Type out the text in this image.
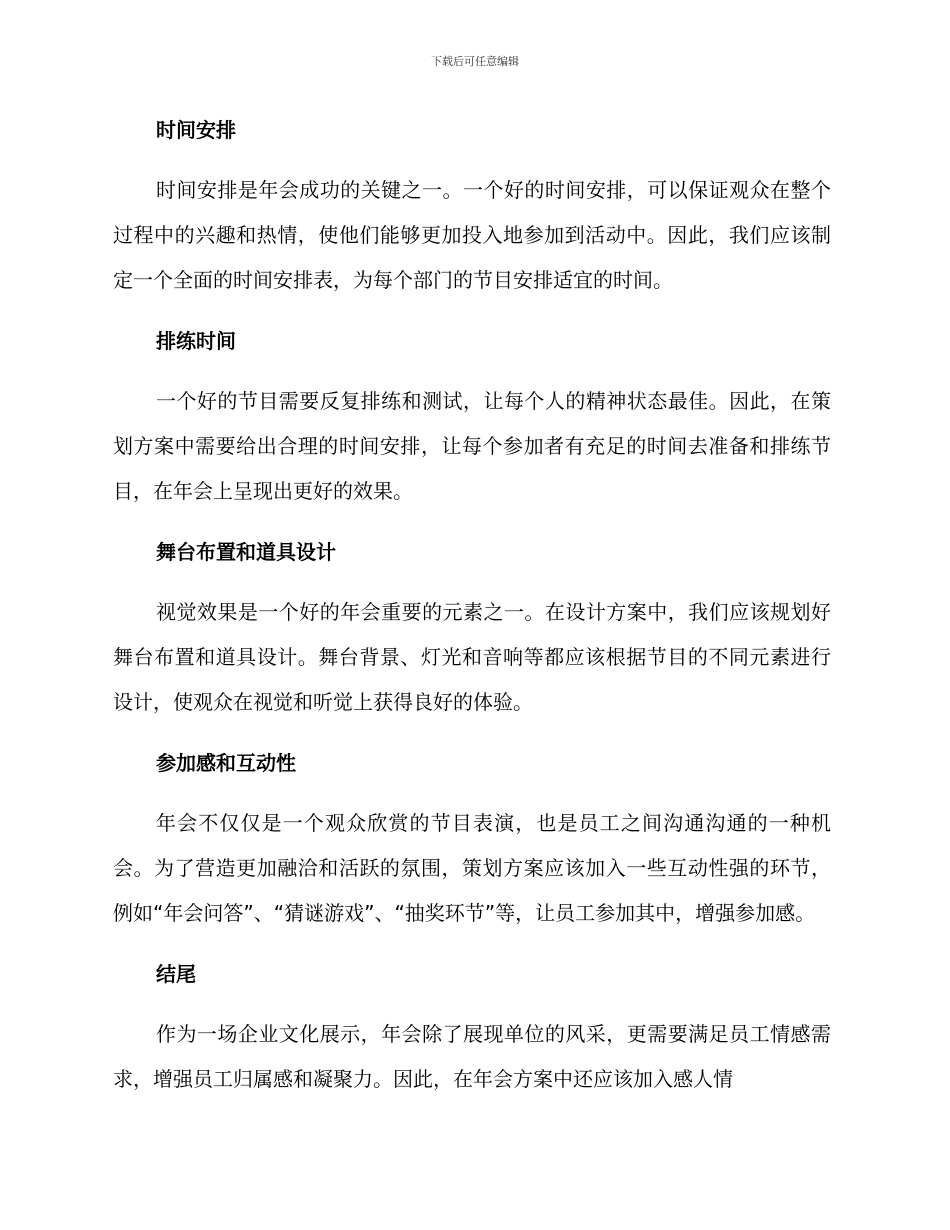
下载后可任意编辑
时间安排

时间安排是年会成功的关键之一。一个好的时间安排，可以保证观众在整个过程中的兴趣和热情，使他们能够更加投入地参加到活动中。因此，我们应该制定一个全面的时间安排表，为每个部门的节目安排适宜的时间。

排练时间

一个好的节目需要反复排练和测试，让每个人的精神状态最佳。因此，在策划方案中需要给出合理的时间安排，让每个参加者有充足的时间去准备和排练节目，在年会上呈现出更好的效果。

舞台布置和道具设计

视觉效果是一个好的年会重要的元素之一。在设计方案中，我们应该规划好舞台布置和道具设计。舞台背景、灯光和音响等都应该根据节目的不同元素进行设计，使观众在视觉和听觉上获得良好的体验。

参加感和互动性

年会不仅仅是一个观众欣赏的节目表演，也是员工之间沟通沟通的一种机会。为了营造更加融洽和活跃的氛围，策划方案应该加入一些互动性强的环节，例如“年会问答”、“猜谜游戏”、“抽奖环节”等，让员工参加其中，增强参加感。

结尾

作为一场企业文化展示，年会除了展现单位的风采，更需要满足员工情感需求，增强员工归属感和凝聚力。因此，在年会方案中还应该加入感人情
